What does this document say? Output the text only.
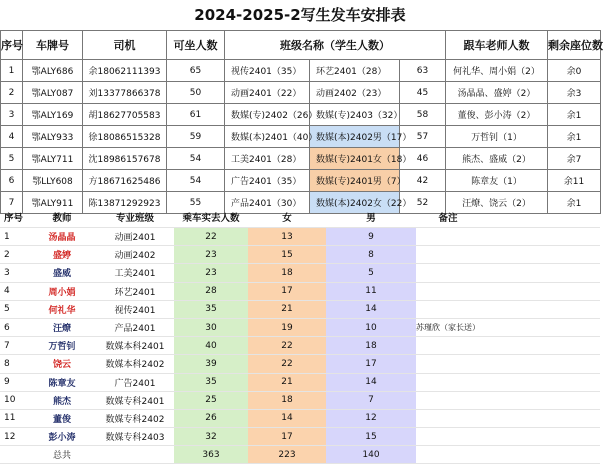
2024-2025-2写生发车安排表
序号	车牌号	司机	可坐人数	班级名称（学生人数）			跟车老师人数	剩余座位数
1	鄂ALY686	余18062111393	65	视传2401（35）	环艺2401（28）	63	何礼华、周小娟（2）	余0
2	鄂ALY087	刘13377866378	50	动画2401（22）	动画2402（23）	45	汤晶晶、盛婷（2）	余3
3	鄂ALY169	胡18627705583	61	数媒(专)2402（26）	数媒(专)2403（32）	58	董俊、彭小涛（2）	余1
4	鄂ALY933	徐18086515328	59	数媒(本)2401（40）	数媒(本)2402男（17）	57	万哲钊（1）	余1
5	鄂ALY711	沈18986157678	54	工美2401（28）	数媒(专)2401女（18）	46	熊杰、盛威（2）	余7
6	鄂LLY608	方18671625486	54	广告2401（35）	数媒(专)2401男（7）	42	陈章友（1）	余11
7	鄂ALY911	陈13871292923	55	产品2401（30）	数媒(本)2402女（22）	52	汪燎、饶云（2）	余1
序号	教师	专业班级	乘车实去人数	女	男	备注	
1	汤晶晶	动画2401	22	13	9		
2	盛婷	动画2402	23	15	8		
3	盛威	工美2401	23	18	5		
4	周小娟	环艺2401	28	17	11		
5	何礼华	视传2401	35	21	14		
6	汪燎	产品2401	30	19	10	苏瑾欣（家长送）	
7	万哲钊	数媒本科2401	40	22	18		
8	饶云	数媒本科2402	39	22	17		
9	陈章友	广告2401	35	21	14		
10	熊杰	数媒专科2401	25	18	7		
11	董俊	数媒专科2402	26	14	12		
12	彭小涛	数媒专科2403	32	17	15		
	总共		363	223	140		
